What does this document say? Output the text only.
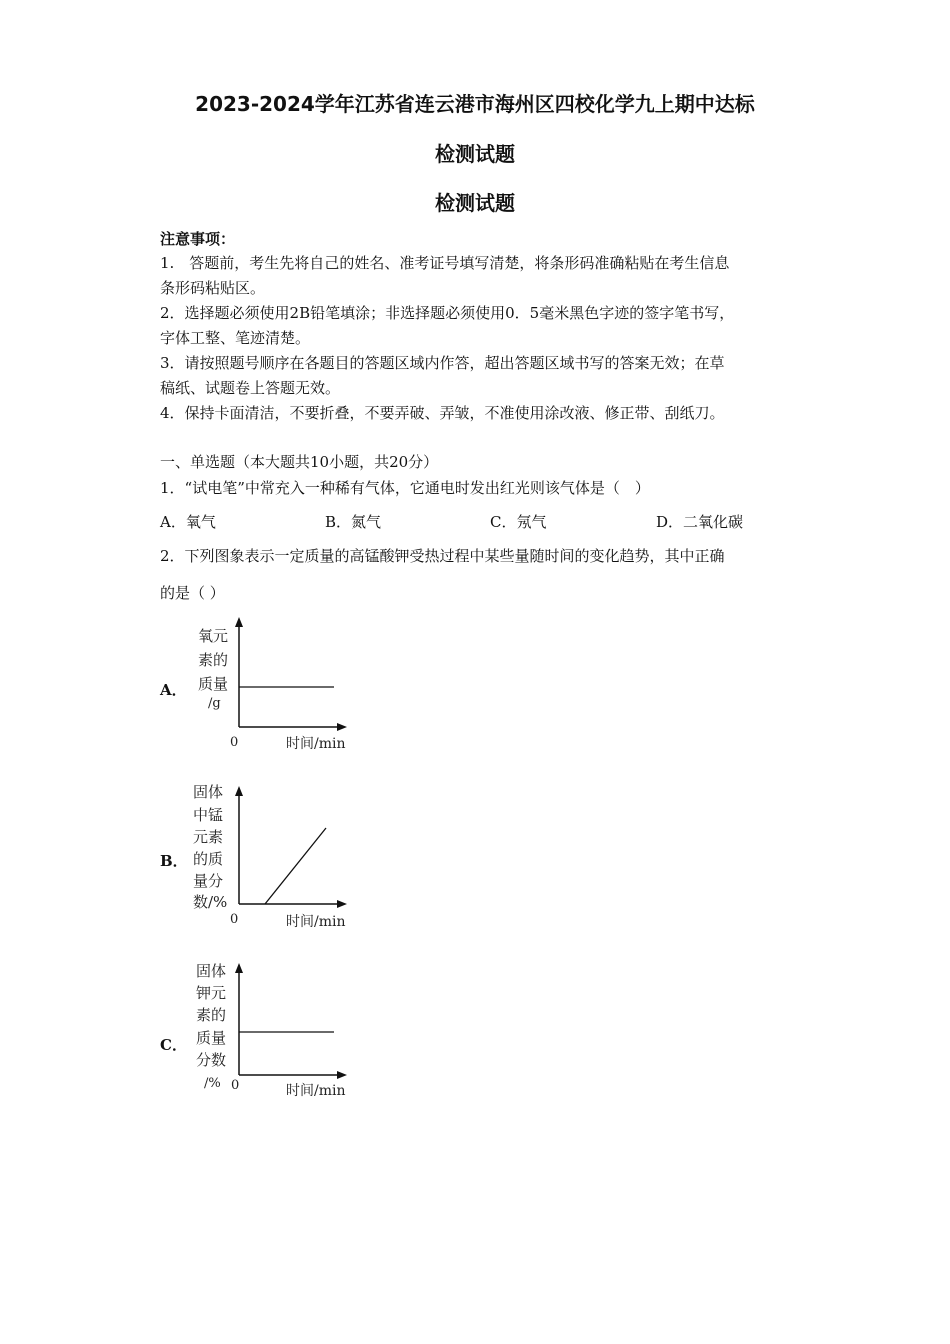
2023-2024学年江苏省连云港市海州区四校化学九上期中达标
检测试题
检测试题
注意事项：
1.　答题前，考生先将自己的姓名、准考证号填写清楚，将条形码准确粘贴在考生信息
条形码粘贴区。
2．选择题必须使用2B铅笔填涂；非选择题必须使用0．5毫米黑色字迹的签字笔书写，
字体工整、笔迹清楚。
3．请按照题号顺序在各题目的答题区域内作答，超出答题区域书写的答案无效；在草
稿纸、试题卷上答题无效。
4．保持卡面清洁，不要折叠，不要弄破、弄皱，不准使用涂改液、修正带、刮纸刀。
一、单选题（本大题共10小题，共20分）
1．“试电笔”中常充入一种稀有气体，它通电时发出红光则该气体是（　）
A．氧气	B．氮气	C．氖气	D．二氧化碳
2．下列图象表示一定质量的高锰酸钾受热过程中某些量随时间的变化趋势，其中正确
的是（ ）
A．
氧元
素的
质量
/g
0	时间/min
B．
固体
中锰
元素
的质
量分
数/%
0	时间/min
C．
固体
钾元
素的
质量
分数
/% 0	时间/min
